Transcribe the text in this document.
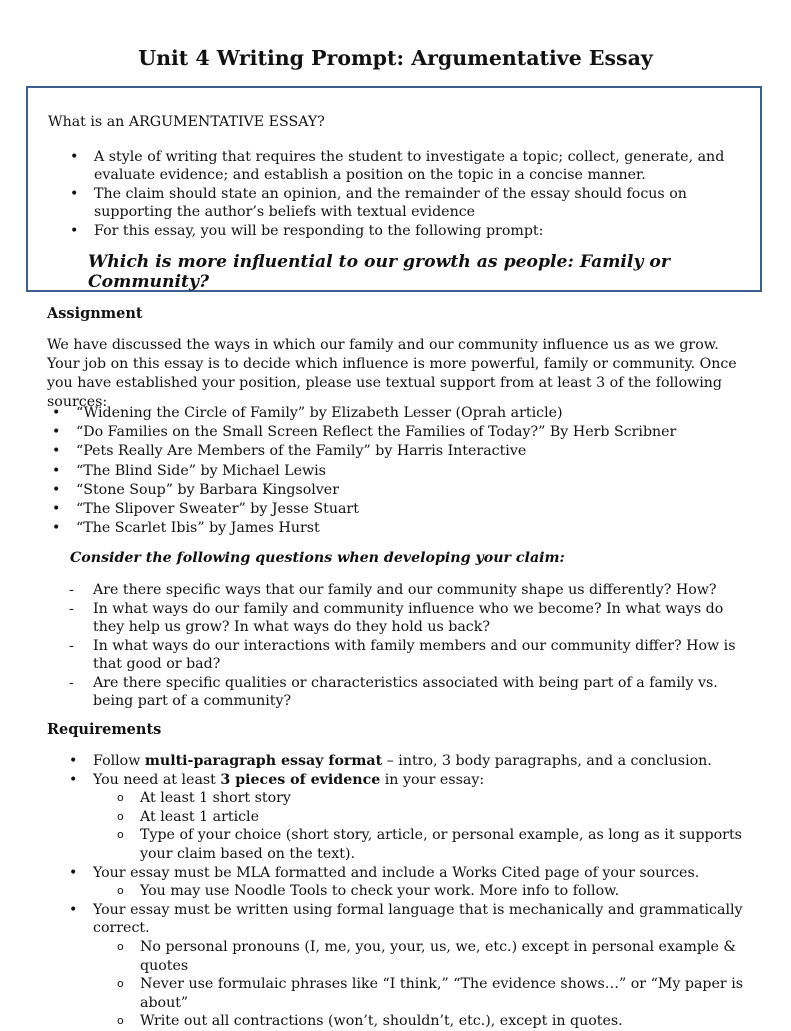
Unit 4 Writing Prompt: Argumentative Essay
What is an ARGUMENTATIVE ESSAY?
• A style of writing that requires the student to investigate a topic; collect, generate, and evaluate evidence; and establish a position on the topic in a concise manner.
• The claim should state an opinion, and the remainder of the essay should focus on supporting the author’s beliefs with textual evidence
• For this essay, you will be responding to the following prompt:
Which is more influential to our growth as people: Family or Community?
Assignment
We have discussed the ways in which our family and our community influence us as we grow. Your job on this essay is to decide which influence is more powerful, family or community. Once you have established your position, please use textual support from at least 3 of the following sources:
• “Widening the Circle of Family” by Elizabeth Lesser (Oprah article)
• “Do Families on the Small Screen Reflect the Families of Today?” By Herb Scribner
• “Pets Really Are Members of the Family” by Harris Interactive
• “The Blind Side” by Michael Lewis
• “Stone Soup” by Barbara Kingsolver
• “The Slipover Sweater” by Jesse Stuart
• “The Scarlet Ibis” by James Hurst
Consider the following questions when developing your claim:
- Are there specific ways that our family and our community shape us differently? How?
- In what ways do our family and community influence who we become? In what ways do they help us grow? In what ways do they hold us back?
- In what ways do our interactions with family members and our community differ? How is that good or bad?
- Are there specific qualities or characteristics associated with being part of a family vs. being part of a community?
Requirements
• Follow multi-paragraph essay format – intro, 3 body paragraphs, and a conclusion.
• You need at least 3 pieces of evidence in your essay:
o At least 1 short story
o At least 1 article
o Type of your choice (short story, article, or personal example, as long as it supports your claim based on the text).
• Your essay must be MLA formatted and include a Works Cited page of your sources.
o You may use Noodle Tools to check your work. More info to follow.
• Your essay must be written using formal language that is mechanically and grammatically correct.
o No personal pronouns (I, me, you, your, us, we, etc.) except in personal example & quotes
o Never use formulaic phrases like “I think,” “The evidence shows…” or “My paper is about”
o Write out all contractions (won’t, shouldn’t, etc.), except in quotes.
